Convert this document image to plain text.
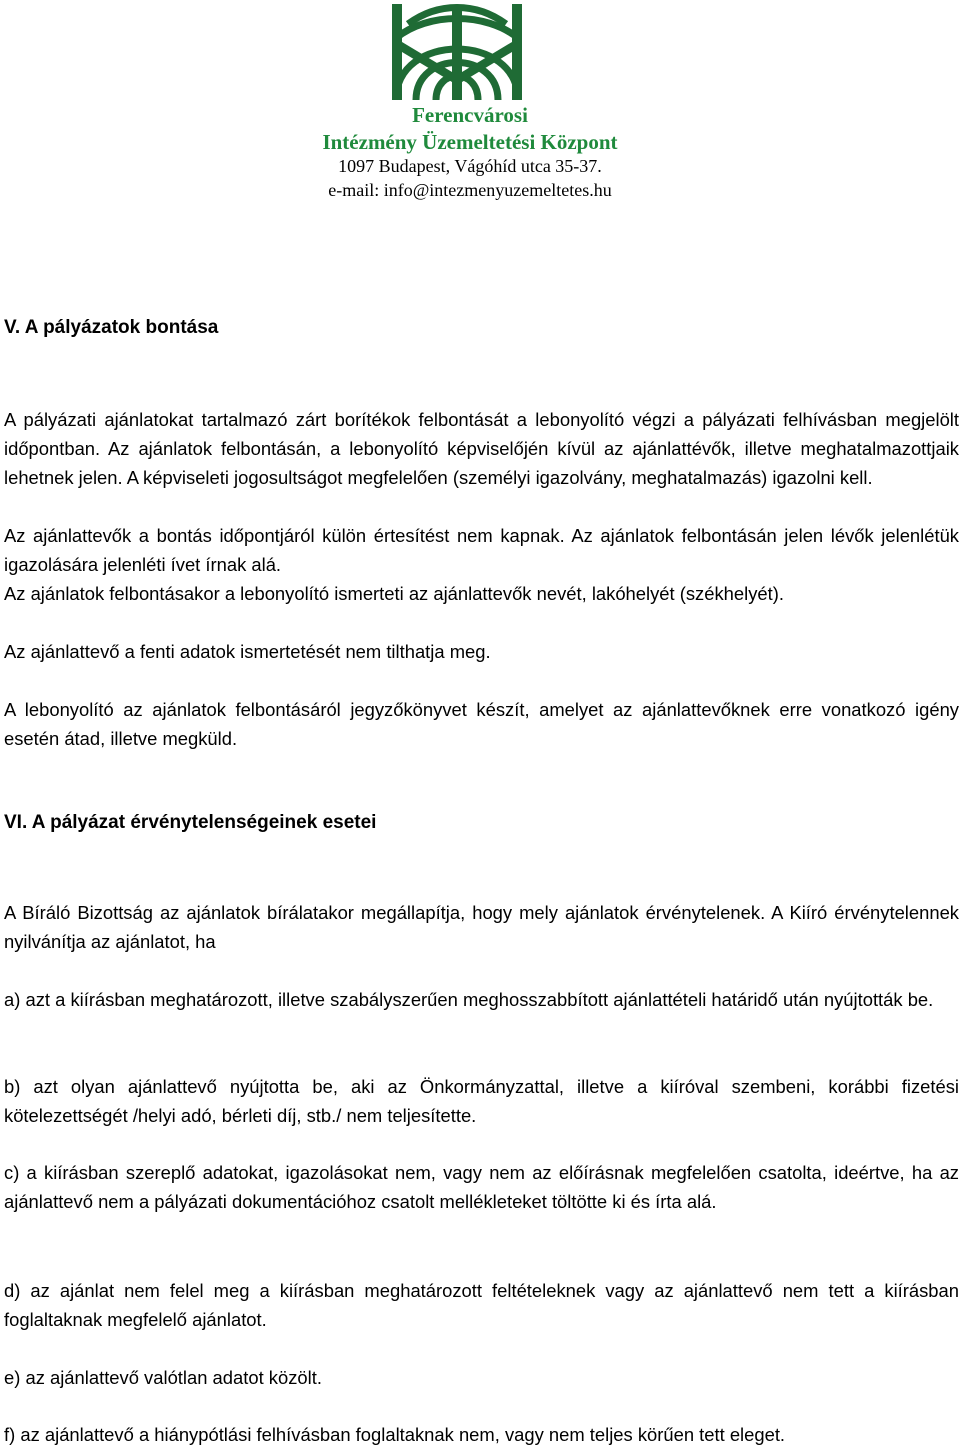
Ferencvárosi
Intézmény Üzemeltetési Központ
1097 Budapest, Vágóhíd utca 35-37.
e-mail: info@intezmenyuzemeltetes.hu
V. A pályázatok bontása
A pályázati ajánlatokat tartalmazó zárt borítékok felbontását a lebonyolító végzi a pályázati felhívásban megjelölt időpontban. Az ajánlatok felbontásán, a lebonyolító képviselőjén kívül az ajánlattévők, illetve meghatalmazottjaik lehetnek jelen. A képviseleti jogosultságot megfelelően (személyi igazolvány, meghatalmazás) igazolni kell.
Az ajánlattevők a bontás időpontjáról külön értesítést nem kapnak. Az ajánlatok felbontásán jelen lévők jelenlétük igazolására jelenléti ívet írnak alá.
Az ajánlatok felbontásakor a lebonyolító ismerteti az ajánlattevők nevét, lakóhelyét (székhelyét).
Az ajánlattevő a fenti adatok ismertetését nem tilthatja meg.
A lebonyolító az ajánlatok felbontásáról jegyzőkönyvet készít, amelyet az ajánlattevőknek erre vonatkozó igény esetén átad, illetve megküld.
VI. A pályázat érvénytelenségeinek esetei
A Bíráló Bizottság az ajánlatok bírálatakor megállapítja, hogy mely ajánlatok érvénytelenek. A Kiíró érvénytelennek nyilvánítja az ajánlatot, ha
a) azt a kiírásban meghatározott, illetve szabályszerűen meghosszabbított ajánlattételi határidő után nyújtották be.
b) azt olyan ajánlattevő nyújtotta be, aki az Önkormányzattal, illetve a kiíróval szembeni, korábbi fizetési kötelezettségét /helyi adó, bérleti díj, stb./ nem teljesítette.
c) a kiírásban szereplő adatokat, igazolásokat nem, vagy nem az előírásnak megfelelően csatolta, ideértve, ha az ajánlattevő nem a pályázati dokumentációhoz csatolt mellékleteket töltötte ki és írta alá.
d) az ajánlat nem felel meg a kiírásban meghatározott feltételeknek vagy az ajánlattevő nem tett a kiírásban foglaltaknak megfelelő ajánlatot.
e) az ajánlattevő valótlan adatot közölt.
f) az ajánlattevő a hiánypótlási felhívásban foglaltaknak nem, vagy nem teljes körűen tett eleget.
